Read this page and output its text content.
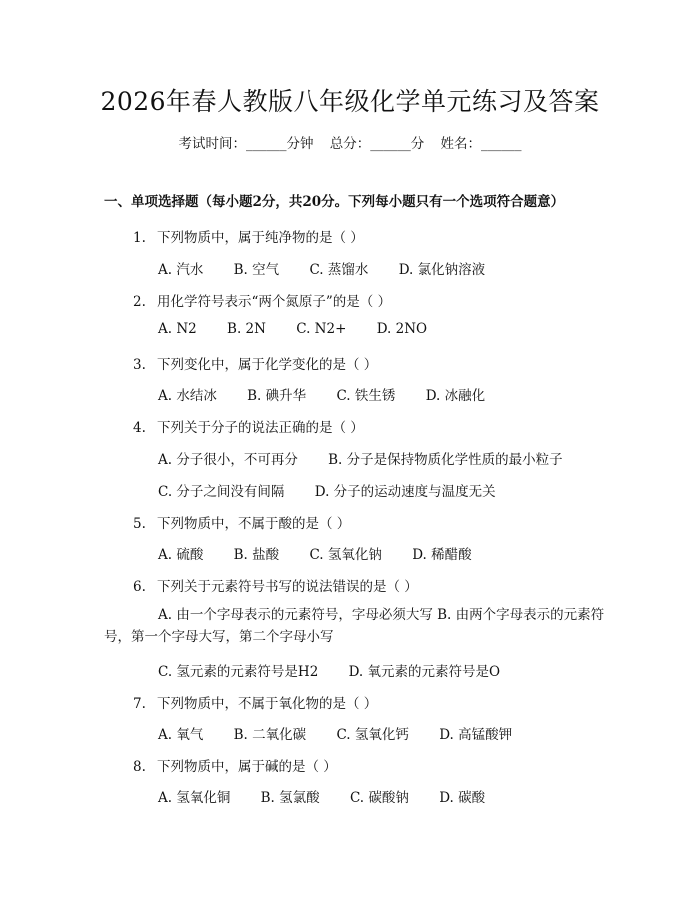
2026年春人教版八年级化学单元练习及答案
考试时间：______分钟 总分：______分 姓名：______
一、单项选择题（每小题2分，共20分。下列每小题只有一个选项符合题意）
1. 下列物质中，属于纯净物的是（ ）
A. 汽水 B. 空气 C. 蒸馏水 D. 氯化钠溶液
2. 用化学符号表示“两个氮原子”的是（ ）
A. N2 B. 2N C. N2+ D. 2NO
3. 下列变化中，属于化学变化的是（ ）
A. 水结冰 B. 碘升华 C. 铁生锈 D. 冰融化
4. 下列关于分子的说法正确的是（ ）
A. 分子很小，不可再分 B. 分子是保持物质化学性质的最小粒子
C. 分子之间没有间隔 D. 分子的运动速度与温度无关
5. 下列物质中，不属于酸的是（ ）
A. 硫酸 B. 盐酸 C. 氢氧化钠 D. 稀醋酸
6. 下列关于元素符号书写的说法错误的是（ ）
A. 由一个字母表示的元素符号，字母必须大写 B. 由两个字母表示的元素符号，第一个字母大写，第二个字母小写
C. 氢元素的元素符号是H2 D. 氧元素的元素符号是O
7. 下列物质中，不属于氧化物的是（ ）
A. 氧气 B. 二氧化碳 C. 氢氧化钙 D. 高锰酸钾
8. 下列物质中，属于碱的是（ ）
A. 氢氧化铜 B. 氢氯酸 C. 碳酸钠 D. 碳酸
